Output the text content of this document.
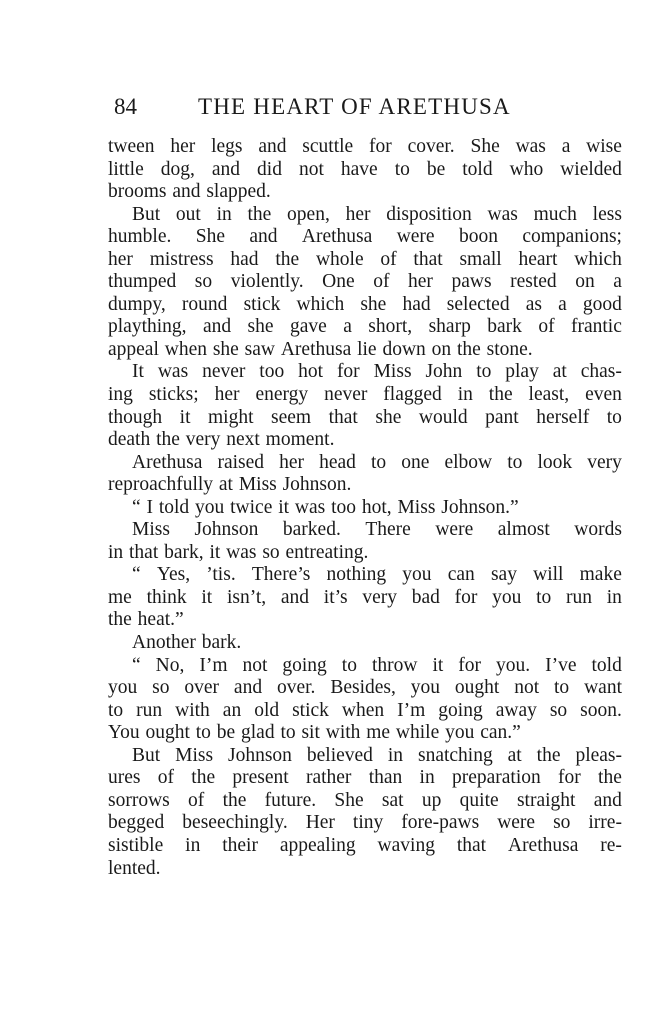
84	THE HEART OF ARETHUSA
tween her legs and scuttle for cover. She was a wise
little dog, and did not have to be told who wielded
brooms and slapped.
But out in the open, her disposition was much less
humble. She and Arethusa were boon companions;
her mistress had the whole of that small heart which
thumped so violently. One of her paws rested on a
dumpy, round stick which she had selected as a good
plaything, and she gave a short, sharp bark of frantic
appeal when she saw Arethusa lie down on the stone.
It was never too hot for Miss John to play at chas-
ing sticks; her energy never flagged in the least, even
though it might seem that she would pant herself to
death the very next moment.
Arethusa raised her head to one elbow to look very
reproachfully at Miss Johnson.
“ I told you twice it was too hot, Miss Johnson.”
Miss Johnson barked. There were almost words
in that bark, it was so entreating.
“ Yes, ’tis. There’s nothing you can say will make
me think it isn’t, and it’s very bad for you to run in
the heat.”
Another bark.
“ No, I’m not going to throw it for you. I’ve told
you so over and over. Besides, you ought not to want
to run with an old stick when I’m going away so soon.
You ought to be glad to sit with me while you can.”
But Miss Johnson believed in snatching at the pleas-
ures of the present rather than in preparation for the
sorrows of the future. She sat up quite straight and
begged beseechingly. Her tiny fore-paws were so irre-
sistible in their appealing waving that Arethusa re-
lented.
